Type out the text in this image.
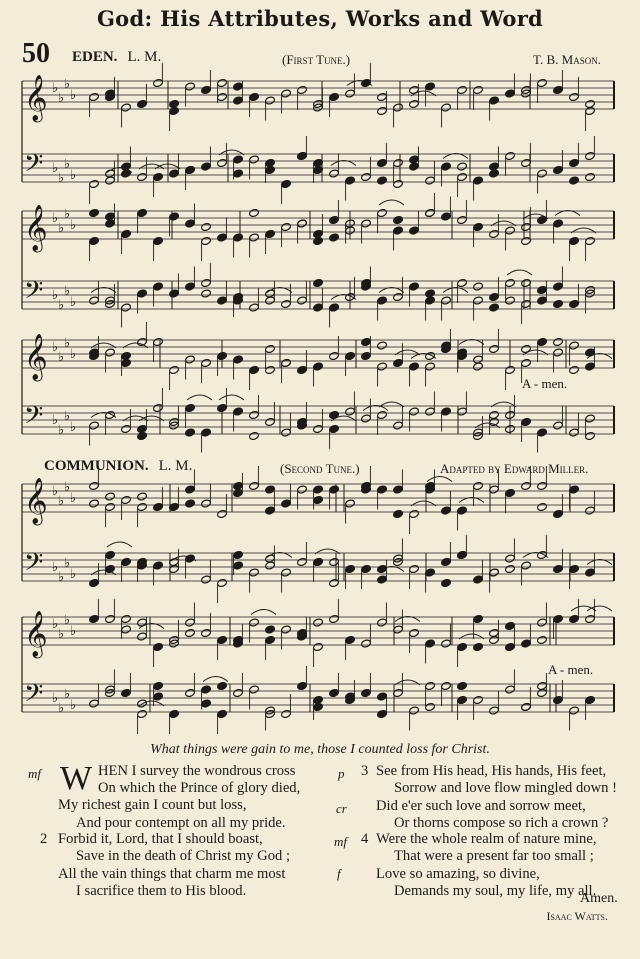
God: His Attributes, Works and Word
50 EDEN. L. M.	(First Tune.)	T. B. Mason.
COMMUNION. L. M.	(Second Tune.)	Adapted by Edward Miller.
A - men.
A - men.
𝄞 ♭
♭
♭
♭
𝄢 ♭
♭
♭
♭
𝄞 ♭
♭
♭
♭
𝄢 ♭
♭
♭
♭
𝄞 ♭
♭
♭
♭
𝄢 ♭
♭
♭
♭
𝄞 ♭
♭
♭
♭
𝄢 ♭
♭
♭
♭
𝄞 ♭
♭
♭
♭
𝄢 ♭
♭
♭
♭
What things were gain to me, those I counted loss for Christ.
mf W HEN I survey the wondrous cross
On which the Prince of glory died,
My richest gain I count but loss,
And pour contempt on all my pride.
2
f
Forbid it, Lord, that I should boast,
Save in the death of Christ my God ;
All the vain things that charm me most
I sacrifice them to His blood.
p 3
cr
See from His head, His hands, His feet,
Sorrow and love flow mingled down !
Did e'er such love and sorrow meet,
Or thorns compose so rich a crown ?
mf 4 Were the whole realm of nature mine,
That were a present far too small ;
Love so amazing, so divine,
Demands my soul, my life, my all.
Amen.
Isaac Watts.
